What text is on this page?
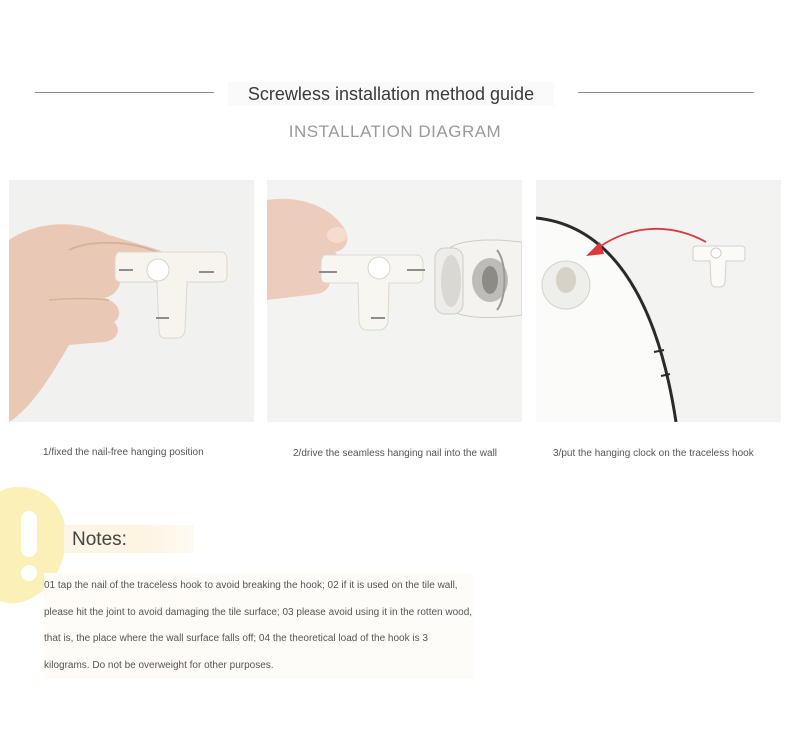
Screwless installation method guide
INSTALLATION DIAGRAM
1/fixed the nail-free hanging position	2/drive the seamless hanging nail into the wall	3/put the hanging clock on the traceless hook
Notes:
01 tap the nail of the traceless hook to avoid breaking the hook; 02 if it is used on the tile wall, please hit the joint to avoid damaging the tile surface; 03 please avoid using it in the rotten wood, that is, the place where the wall surface falls off; 04 the theoretical load of the hook is 3 kilograms. Do not be overweight for other purposes.
